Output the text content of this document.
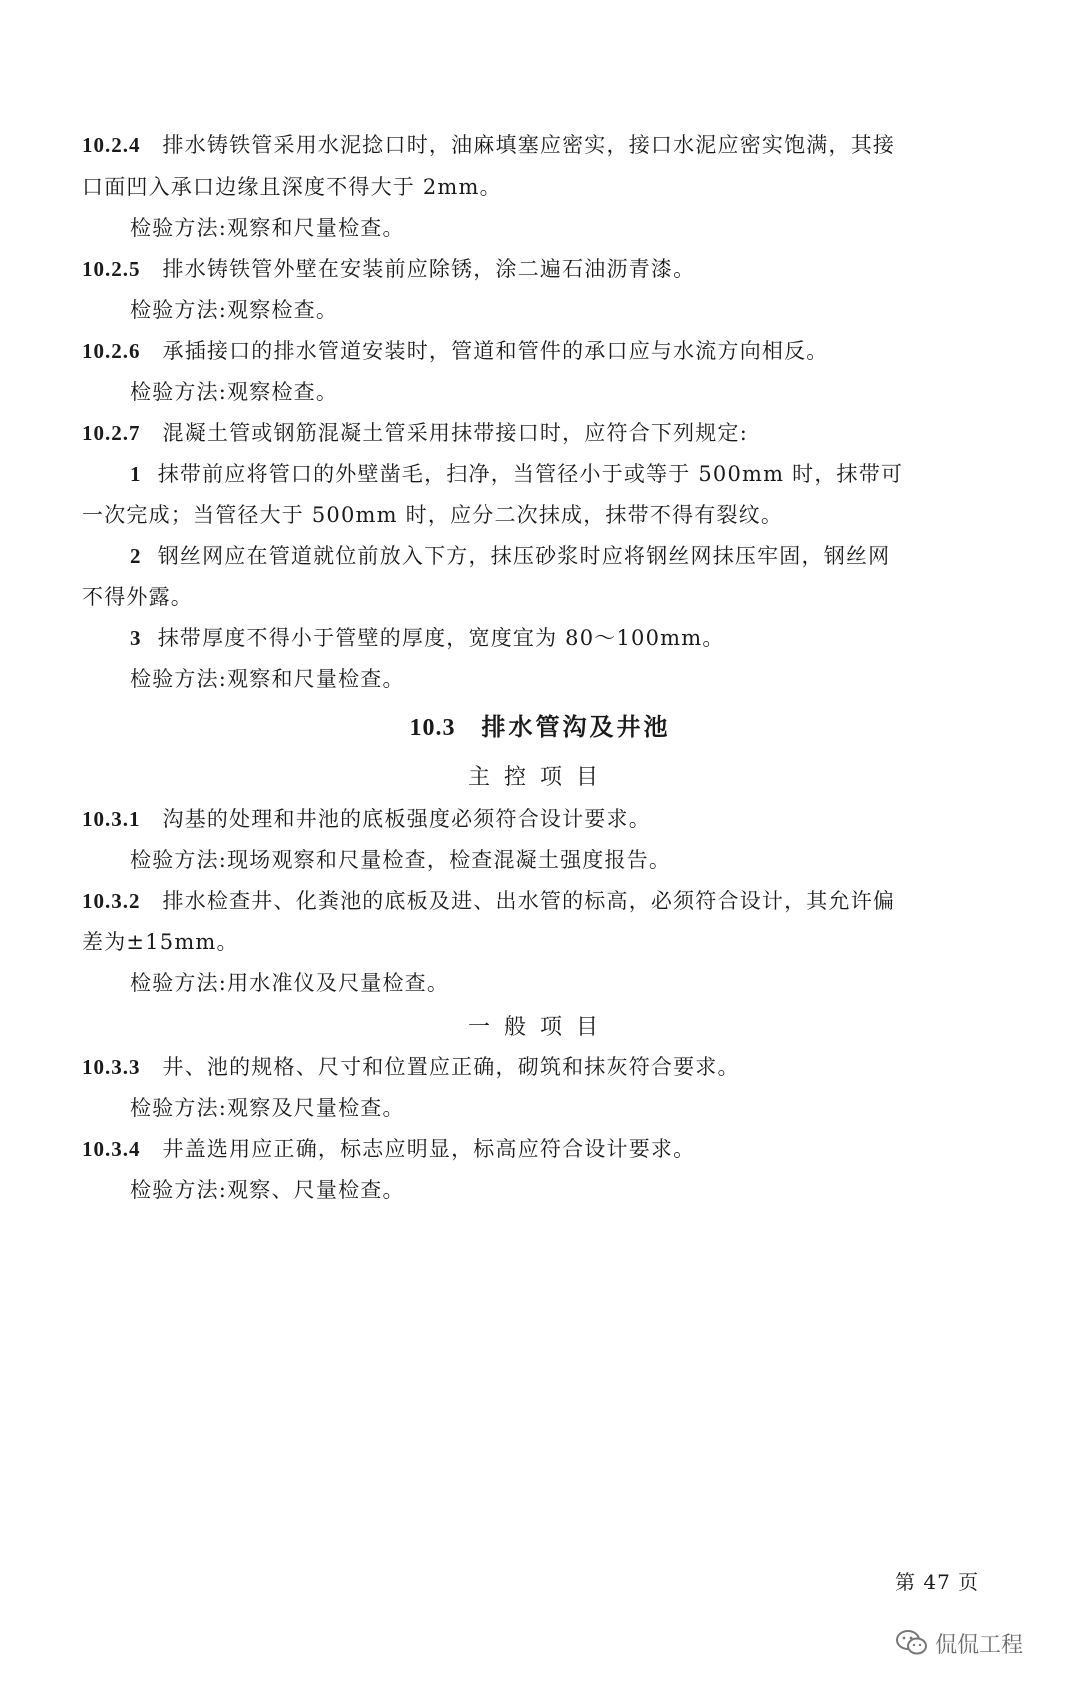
10.2.4 排水铸铁管采用水泥捻口时，油麻填塞应密实，接口水泥应密实饱满，其接
口面凹入承口边缘且深度不得大于 2mm。
检验方法:观察和尺量检查。
10.2.5 排水铸铁管外壁在安装前应除锈，涂二遍石油沥青漆。
检验方法:观察检查。
10.2.6 承插接口的排水管道安装时，管道和管件的承口应与水流方向相反。
检验方法:观察检查。
10.2.7 混凝土管或钢筋混凝土管采用抹带接口时，应符合下列规定:
1 抹带前应将管口的外壁凿毛，扫净，当管径小于或等于 500mm 时，抹带可
一次完成；当管径大于 500mm 时，应分二次抹成，抹带不得有裂纹。
2 钢丝网应在管道就位前放入下方，抹压砂浆时应将钢丝网抹压牢固，钢丝网
不得外露。
3 抹带厚度不得小于管壁的厚度，宽度宜为 80～100mm。
检验方法:观察和尺量检查。
10.3 排水管沟及井池
主控项目
10.3.1 沟基的处理和井池的底板强度必须符合设计要求。
检验方法:现场观察和尺量检查，检查混凝土强度报告。
10.3.2 排水检查井、化粪池的底板及进、出水管的标高，必须符合设计，其允许偏
差为±15mm。
检验方法:用水准仪及尺量检查。
一般项目
10.3.3 井、池的规格、尺寸和位置应正确，砌筑和抹灰符合要求。
检验方法:观察及尺量检查。
10.3.4 井盖选用应正确，标志应明显，标高应符合设计要求。
检验方法:观察、尺量检查。
第 47 页
侃侃工程
